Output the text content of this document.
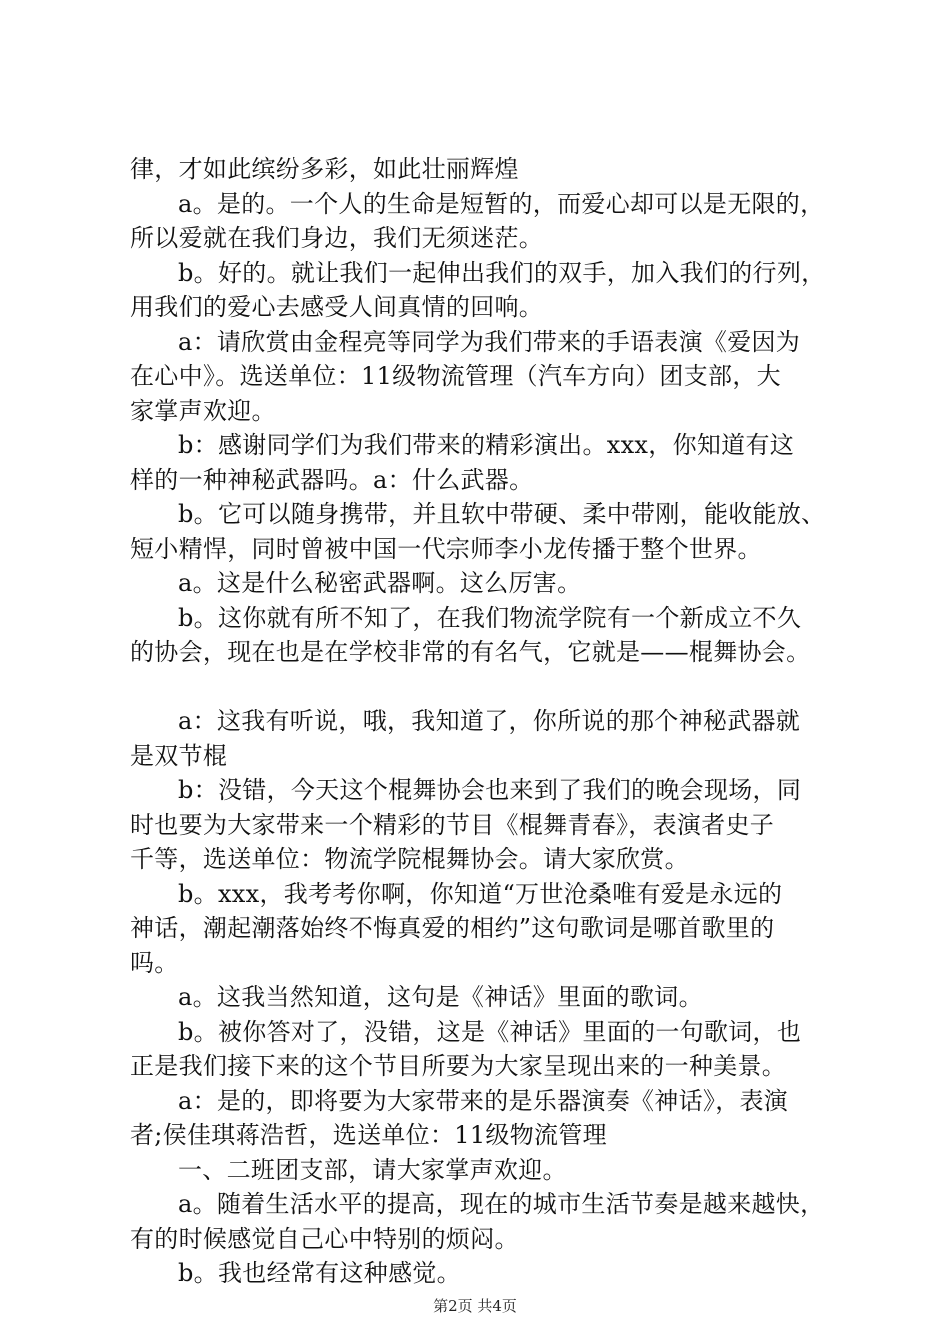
律，才如此缤纷多彩，如此壮丽辉煌
a。是的。一个人的生命是短暂的，而爱心却可以是无限的，
所以爱就在我们身边，我们无须迷茫。
b。好的。就让我们一起伸出我们的双手，加入我们的行列，
用我们的爱心去感受人间真情的回响。
a：请欣赏由金程亮等同学为我们带来的手语表演《爱因为
在心中》。选送单位：11级物流管理（汽车方向）团支部，大
家掌声欢迎。
b：感谢同学们为我们带来的精彩演出。xxx，你知道有这
样的一种神秘武器吗。a：什么武器。
b。它可以随身携带，并且软中带硬、柔中带刚，能收能放、
短小精悍，同时曾被中国一代宗师李小龙传播于整个世界。
a。这是什么秘密武器啊。这么厉害。
b。这你就有所不知了，在我们物流学院有一个新成立不久
的协会，现在也是在学校非常的有名气，它就是——棍舞协会。
a：这我有听说，哦，我知道了，你所说的那个神秘武器就
是双节棍
b：没错，今天这个棍舞协会也来到了我们的晚会现场，同
时也要为大家带来一个精彩的节目《棍舞青春》，表演者史子
千等，选送单位：物流学院棍舞协会。请大家欣赏。
b。xxx，我考考你啊，你知道“万世沧桑唯有爱是永远的
神话，潮起潮落始终不悔真爱的相约”这句歌词是哪首歌里的
吗。
a。这我当然知道，这句是《神话》里面的歌词。
b。被你答对了，没错，这是《神话》里面的一句歌词，也
正是我们接下来的这个节目所要为大家呈现出来的一种美景。
a：是的，即将要为大家带来的是乐器演奏《神话》，表演
者;侯佳琪蒋浩哲，选送单位：11级物流管理
一、二班团支部，请大家掌声欢迎。
a。随着生活水平的提高，现在的城市生活节奏是越来越快，
有的时候感觉自己心中特别的烦闷。
b。我也经常有这种感觉。
第2页 共4页
